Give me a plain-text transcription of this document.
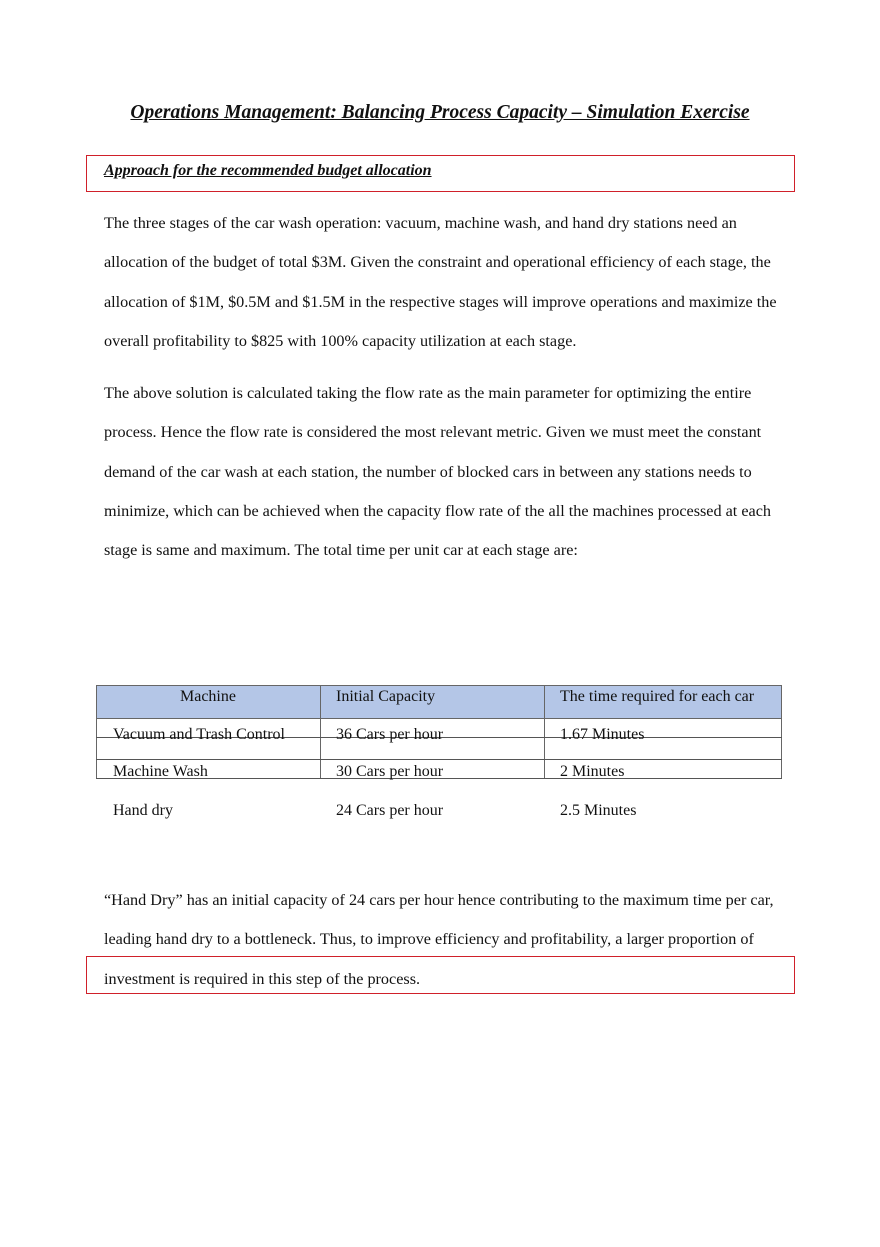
Operations Management: Balancing Process Capacity – Simulation Exercise
Approach for the recommended budget allocation

The three stages of the car wash operation: vacuum, machine wash, and hand dry stations need an allocation of the budget of total $3M. Given the constraint and operational efficiency of each stage, the allocation of $1M, $0.5M and $1.5M in the respective stages will improve operations and maximize the overall profitability to $825 with 100% capacity utilization at each stage.

The above solution is calculated taking the flow rate as the main parameter for optimizing the entire process. Hence the flow rate is considered the most relevant metric. Given we must meet the constant demand of the car wash at each station, the number of blocked cars in between any stations needs to minimize, which can be achieved when the capacity flow rate of the all the machines processed at each stage is same and maximum. The total time per unit car at each stage are:

Machine	Initial Capacity	The time required for each car
Vacuum and Trash Control	36 Cars per hour	1.67 Minutes
Machine Wash	30 Cars per hour	2 Minutes
Hand dry	24 Cars per hour	2.5 Minutes

“Hand Dry” has an initial capacity of 24 cars per hour hence contributing to the maximum time per car, leading hand dry to a bottleneck. Thus, to improve efficiency and profitability, a larger proportion of investment is required in this step of the process.
